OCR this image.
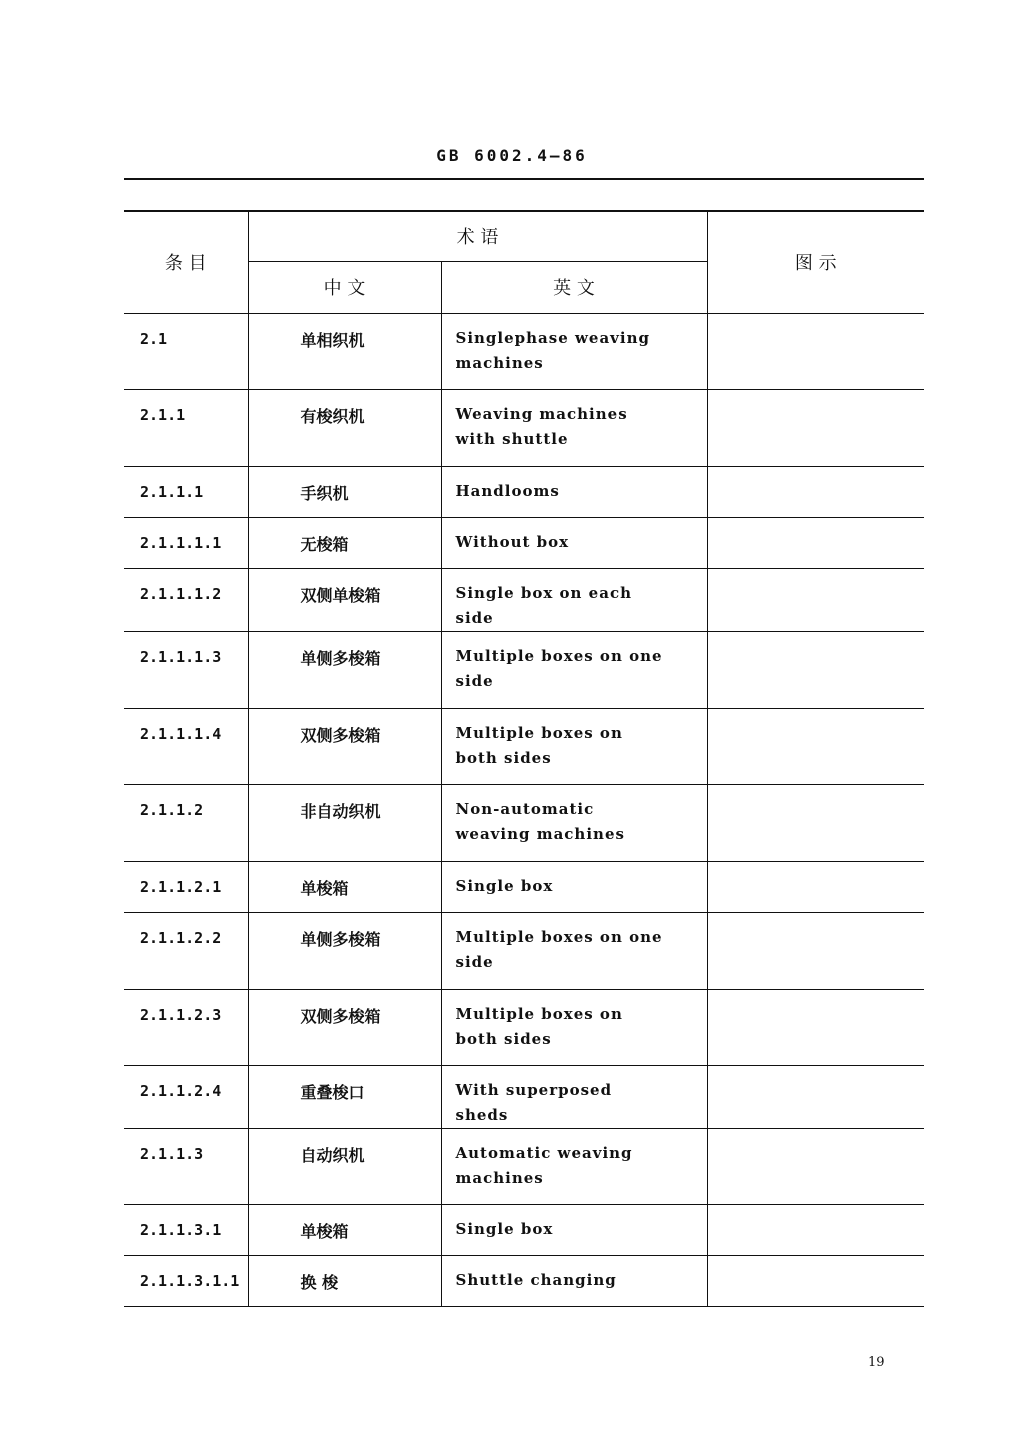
GB 6002.4—86
条 目	术 语		图 示
	中 文	英 文	
2.1	单相织机	Singlephase weaving machines	
2.1.1	有梭织机	Weaving machines with shuttle	
2.1.1.1	手织机	Handlooms	
2.1.1.1.1	无梭箱	Without box	
2.1.1.1.2	双侧单梭箱	Single box on each side	
2.1.1.1.3	单侧多梭箱	Multiple boxes on one side	
2.1.1.1.4	双侧多梭箱	Multiple boxes on both sides	
2.1.1.2	非自动织机	Non-automatic weaving machines	
2.1.1.2.1	单梭箱	Single box	
2.1.1.2.2	单侧多梭箱	Multiple boxes on one side	
2.1.1.2.3	双侧多梭箱	Multiple boxes on both sides	
2.1.1.2.4	重叠梭口	With superposed sheds	
2.1.1.3	自动织机	Automatic weaving machines	
2.1.1.3.1	单梭箱	Single box	
2.1.1.3.1.1	换 梭	Shuttle changing	
19
